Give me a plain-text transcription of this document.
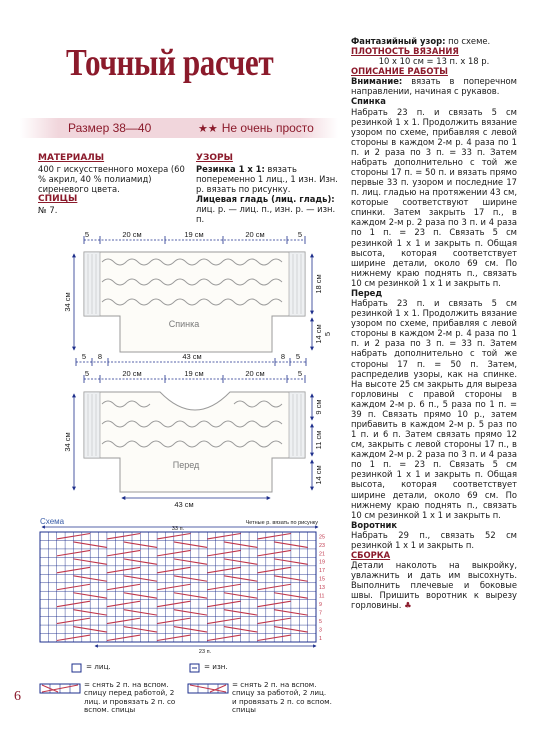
Точный расчет
Размер 38—40	★★ Не очень просто
МАТЕРИАЛЫ
400 г искусственного мохера (60 % акрил, 40 % полиамид) сиреневого цвета.
СПИЦЫ
№ 7.
УЗОРЫ
Резинка 1 х 1: вязать попеременно 1 лиц., 1 изн. Изн. р. вязать по рисунку.
Лицевая гладь (лиц. гладь): лиц. р. — лиц. п., изн. р. — изн. п.

Фантазийный узор: по схеме.

ПЛОТНОСТЬ ВЯЗАНИЯ

10 х 10 см = 13 п. х 18 р.

ОПИСАНИЕ РАБОТЫ

Внимание: вязать в поперечном направлении, начиная с рукавов.

Спинка

Набрать 23 п. и связать 5 см резинкой 1 х 1. Продолжить вязание узором по схеме, прибавляя с левой стороны в каждом 2-м р. 4 раза по 1 п. и 2 раза по 3 п. = 33 п. Затем набрать дополнительно с той же стороны 17 п. = 50 п. и вязать прямо первые 33 п. узором и последние 17 п. лиц. гладью на протяжении 43 см, которые соответствуют ширине спинки. Затем закрыть 17 п., в каждом 2-м р. 2 раза по 3 п. и 4 раза по 1 п. = 23 п. Связать 5 см резинкой 1 х 1 и закрыть п. Общая высота, которая соответствует ширине детали, около 69 см. По нижнему краю поднять п., связать 10 см резинкой 1 х 1 и закрыть п.

Перед

Набрать 23 п. и связать 5 см резинкой 1 х 1. Продолжить вязание узором по схеме, прибавляя с левой стороны в каждом 2-м р. 4 раза по 1 п. и 2 раза по 3 п. = 33 п. Затем набрать дополнительно с той же стороны 17 п. = 50 п. Затем, распределив узоры, как на спинке. На высоте 25 см закрыть для выреза горловины с правой стороны в каждом 2-м р. 6 п., 5 раза по 1 п. = 39 п. Связать прямо 10 р., затем прибавить в каждом 2-м р. 5 раз по 1 п. и 6 п. Затем связать прямо 12 см, закрыть с левой стороны 17 п., в каждом 2-м р. 2 раза по 3 п. и 4 раза по 1 п. = 23 п. Связать 5 см резинкой 1 х 1 и закрыть п. Общая высота, которая соответствует ширине детали, около 69 см. По нижнему краю поднять п., связать 10 см резинкой 1 х 1 и закрыть п.

Воротник

Набрать 29 п., связать 52 см резинкой 1 х 1 и закрыть п.

СБОРКА

Детали наколоть на выкройку, увлажнить и дать им высохнуть. Выполнить плечевые и боковые швы. Пришить воротник к вырезу горловины. ♣

5	20 см	19 см	20 см	5
Спинка
34 см
18 см
14 см 5
5 8	43 см	8 5
5	20 см	19 см	20 см	5
Перед
34 см
9 см
11 см
14 см
43 см
Схема	Четные р. вязать по рисунку
33 п.
23 п.
25
23
21
19
17
15
13
11
9
7
5
3
1
= лиц.	= изн.
= снять 2 п. на вспом. спицу перед работой, 2 лиц. и провязать 2 п. со вспом. спицы
= снять 2 п. на вспом. спицу за работой, 2 лиц. и провязать 2 п. со вспом. спицы
6
